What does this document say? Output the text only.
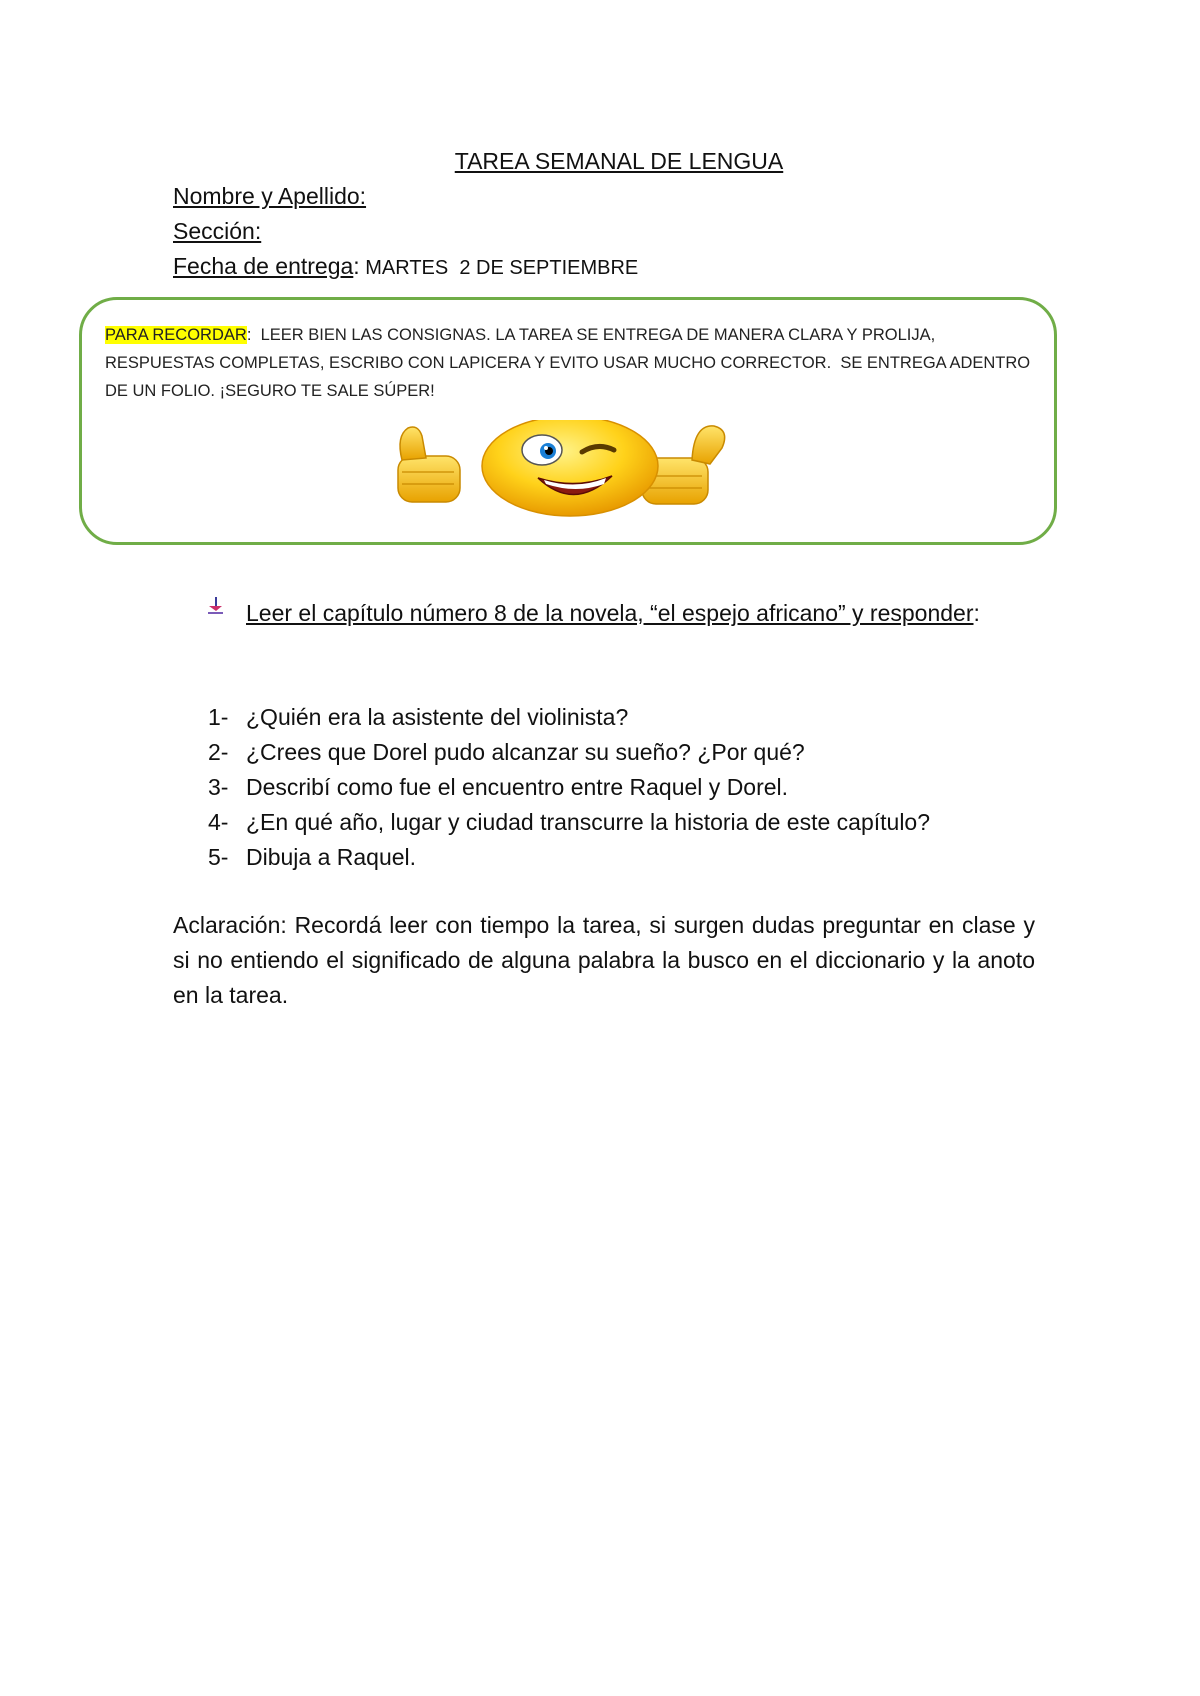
TAREA SEMANAL DE LENGUA
Nombre y Apellido:
Sección:
Fecha de entrega: MARTES  2 DE SEPTIEMBRE
PARA RECORDAR:  LEER BIEN LAS CONSIGNAS. LA TAREA SE ENTREGA DE MANERA CLARA Y PROLIJA, RESPUESTAS COMPLETAS, ESCRIBO CON LAPICERA Y EVITO USAR MUCHO CORRECTOR.  SE ENTREGA ADENTRO DE UN FOLIO. ¡SEGURO TE SALE SÚPER!
Leer el capítulo número 8 de la novela, “el espejo africano” y responder:
1- ¿Quién era la asistente del violinista?
2- ¿Crees que Dorel pudo alcanzar su sueño? ¿Por qué?
3- Describí como fue el encuentro entre Raquel y Dorel.
4- ¿En qué año, lugar y ciudad transcurre la historia de este capítulo?
5- Dibuja a Raquel.
Aclaración: Recordá leer con tiempo la tarea, si surgen dudas preguntar en clase y si no entiendo el significado de alguna palabra la busco en el diccionario y la anoto en la tarea.
